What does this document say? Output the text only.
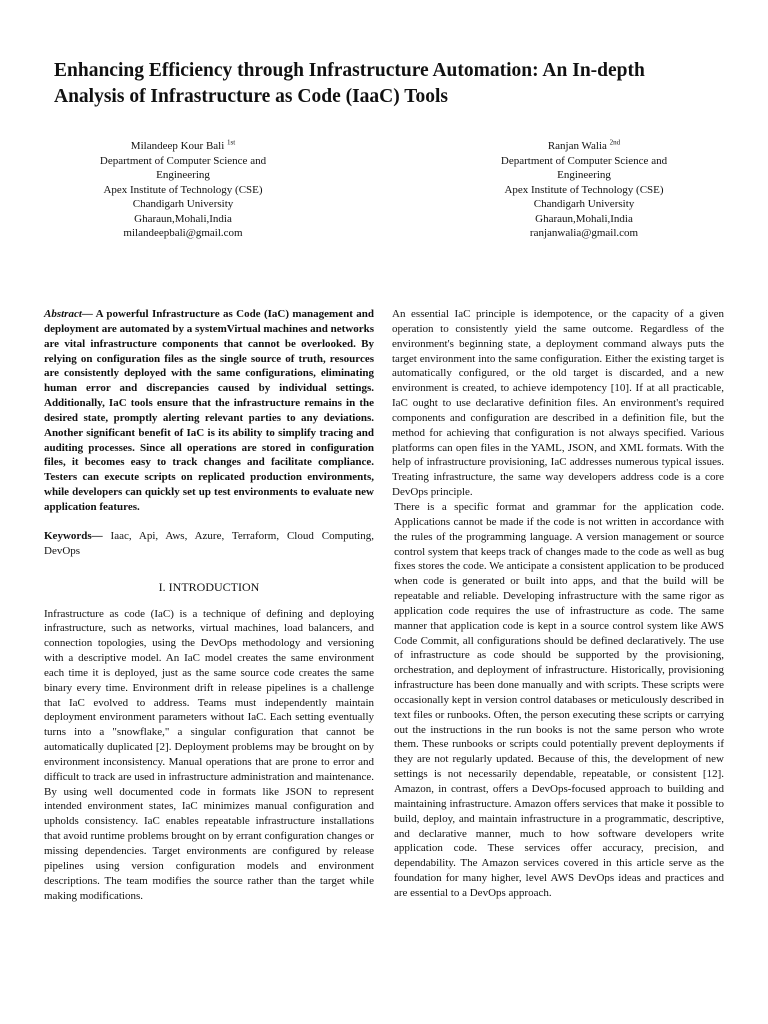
Enhancing Efficiency through Infrastructure Automation: An In-depth Analysis of Infrastructure as Code (IaaC) Tools
Milandeep Kour Bali $^{1st}$
Department of Computer Science and
Engineering
Apex Institute of Technology (CSE)
Chandigarh University
Gharaun,Mohali,India
milandeepbali@gmail.com
Ranjan Walia $^{2nd}$
Department of Computer Science and
Engineering
Apex Institute of Technology (CSE)
Chandigarh University
Gharaun,Mohali,India
ranjanwalia@gmail.com

Abstract— A powerful Infrastructure as Code (IaC) management and deployment are automated by a systemVirtual machines and networks are vital infrastructure components that cannot be overlooked. By relying on configuration files as the single source of truth, resources are consistently deployed with the same configurations, eliminating human error and discrepancies caused by individual settings. Additionally, IaC tools ensure that the infrastructure remains in the desired state, promptly alerting relevant parties to any deviations. Another significant benefit of IaC is its ability to simplify tracing and auditing processes. Since all operations are stored in configuration files, it becomes easy to track changes and facilitate compliance. Testers can execute scripts on replicated production environments, while developers can quickly set up test environments to evaluate new application features.

Keywords— Iaac, Api, Aws, Azure, Terraform, Cloud Computing, DevOps

I. INTRODUCTION

Infrastructure as code (IaC) is a technique of defining and deploying infrastructure, such as networks, virtual machines, load balancers, and connection topologies, using the DevOps methodology and versioning with a descriptive model. An IaC model creates the same environment each time it is deployed, just as the same source code creates the same binary every time. Environment drift in release pipelines is a challenge that IaC evolved to address. Teams must independently maintain deployment environment parameters without IaC. Each setting eventually turns into a "snowflake," a singular configuration that cannot be automatically duplicated [2]. Deployment problems may be brought on by environment inconsistency. Manual operations that are prone to error and difficult to track are used in infrastructure administration and maintenance. By using well documented code in formats like JSON to represent intended environment states, IaC minimizes manual configuration and upholds consistency. IaC enables repeatable infrastructure installations that avoid runtime problems brought on by errant configuration changes or missing dependencies. Target environments are configured by release pipelines using version configuration models and environment descriptions. The team modifies the source rather than the target while making modifications.

An essential IaC principle is idempotence, or the capacity of a given operation to consistently yield the same outcome. Regardless of the environment's beginning state, a deployment command always puts the target environment into the same configuration. Either the existing target is automatically configured, or the old target is discarded, and a new environment is created, to achieve idempotency [10]. If at all practicable, IaC ought to use declarative definition files. An environment's required components and configuration are described in a definition file, but the method for achieving that configuration is not always specified. Various platforms can open files in the YAML, JSON, and XML formats. With the help of infrastructure provisioning, IaC addresses numerous typical issues. Treating infrastructure, the same way developers address code is a core DevOps principle.

There is a specific format and grammar for the application code. Applications cannot be made if the code is not written in accordance with the rules of the programming language. A version management or source control system that keeps track of changes made to the code as well as bug fixes stores the code. We anticipate a consistent application to be produced when code is generated or built into apps, and that the build will be repeatable and reliable. Developing infrastructure with the same rigor as application code requires the use of infrastructure as code. The same manner that application code is kept in a source control system like AWS Code Commit, all configurations should be defined declaratively. The use of infrastructure as code should be supported by the provisioning, orchestration, and deployment of infrastructure. Historically, provisioning infrastructure has been done manually and with scripts. These scripts were occasionally kept in version control databases or meticulously described in text files or runbooks. Often, the person executing these scripts or carrying out the instructions in the run books is not the same person who wrote them. These runbooks or scripts could potentially prevent deployments if they are not regularly updated. Because of this, the development of new settings is not necessarily dependable, repeatable, or consistent [12]. Amazon, in contrast, offers a DevOps-focused approach to building and maintaining infrastructure. Amazon offers services that make it possible to build, deploy, and maintain infrastructure in a programmatic, descriptive, and declarative manner, much to how software developers write application code. These services offer accuracy, precision, and dependability. The Amazon services covered in this article serve as the foundation for many higher, level AWS DevOps ideas and practices and are essential to a DevOps approach.
